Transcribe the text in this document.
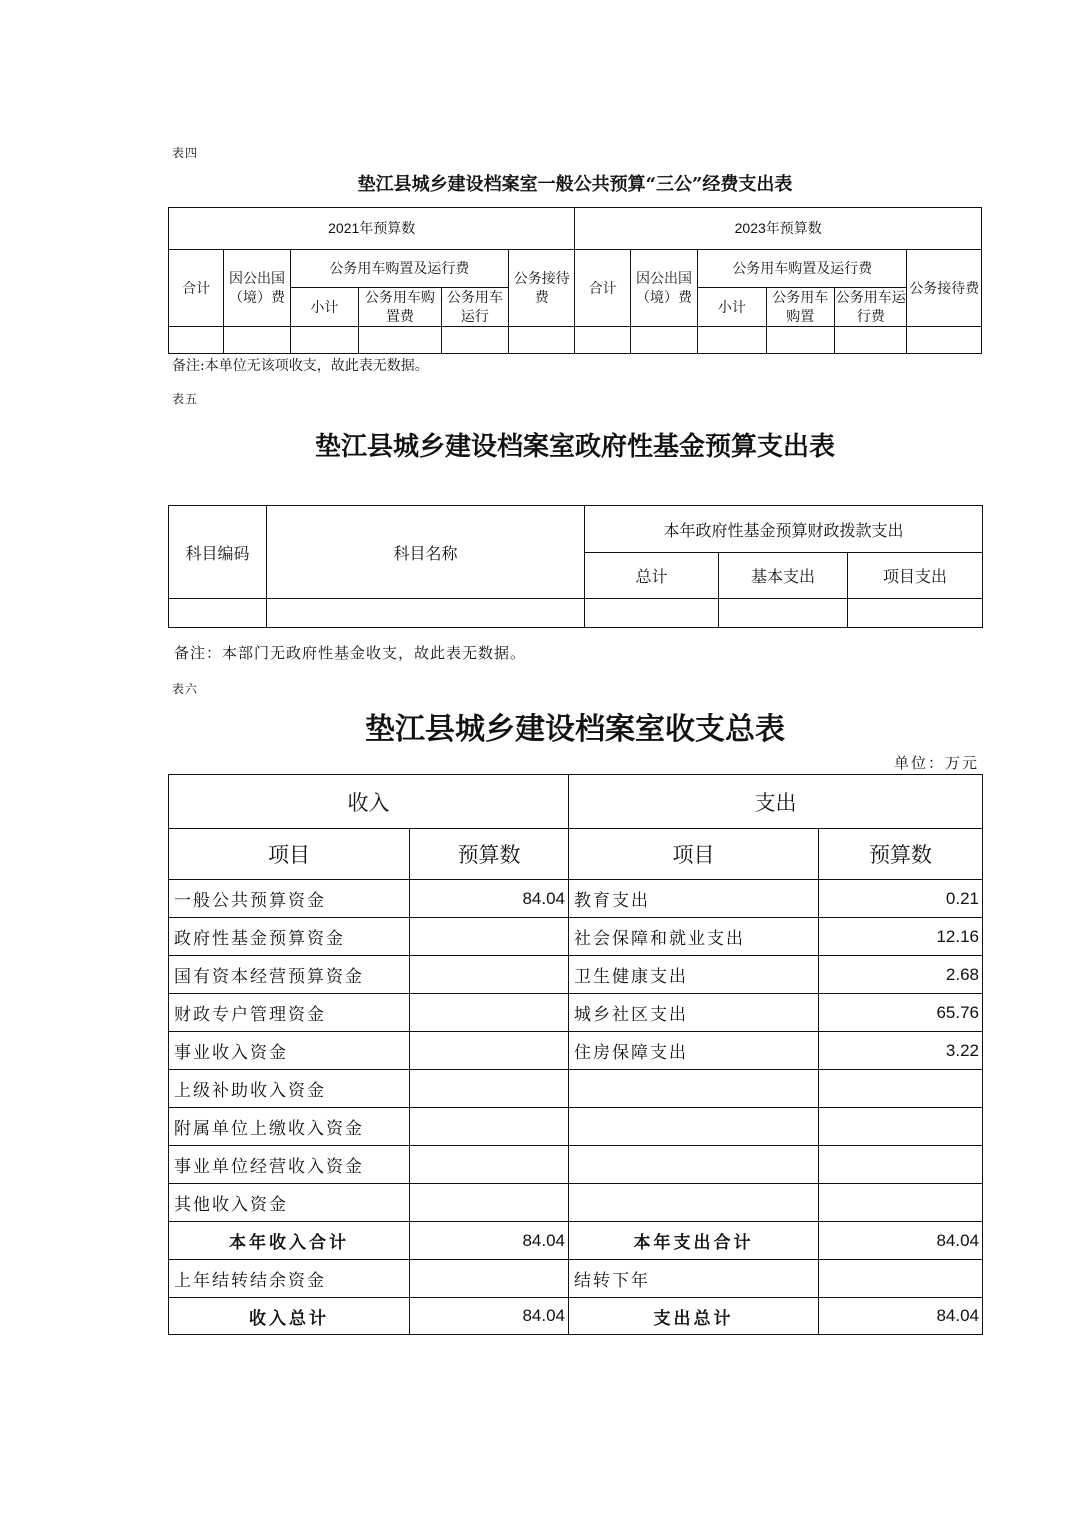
表四
垫江县城乡建设档案室一般公共预算“三公”经费支出表
2021年预算数						2023年预算数					
合计	因公出国（境）费	公务用车购置及运行费			公务接待费	合计	因公出国（境）费	公务用车购置及运行费			公务接待费
		小计	公务用车购置费	公务用车运行				小计	公务用车购置	公务用车运行费	

备注:本单位无该项收支，故此表无数据。
表五
垫江县城乡建设档案室政府性基金预算支出表
科目编码	科目名称	本年政府性基金预算财政拨款支出		
		总计	基本支出	项目支出

备注：本部门无政府性基金收支，故此表无数据。
表六
垫江县城乡建设档案室收支总表
单位：万元
收入		支出	
项目	预算数	项目	预算数
一般公共预算资金	84.04	教育支出	0.21
政府性基金预算资金		社会保障和就业支出	12.16
国有资本经营预算资金		卫生健康支出	2.68
财政专户管理资金		城乡社区支出	65.76
事业收入资金		住房保障支出	3.22
上级补助收入资金			
附属单位上缴收入资金			
事业单位经营收入资金			
其他收入资金			
本年收入合计	84.04	本年支出合计	84.04
上年结转结余资金		结转下年	
收入总计	84.04	支出总计	84.04
